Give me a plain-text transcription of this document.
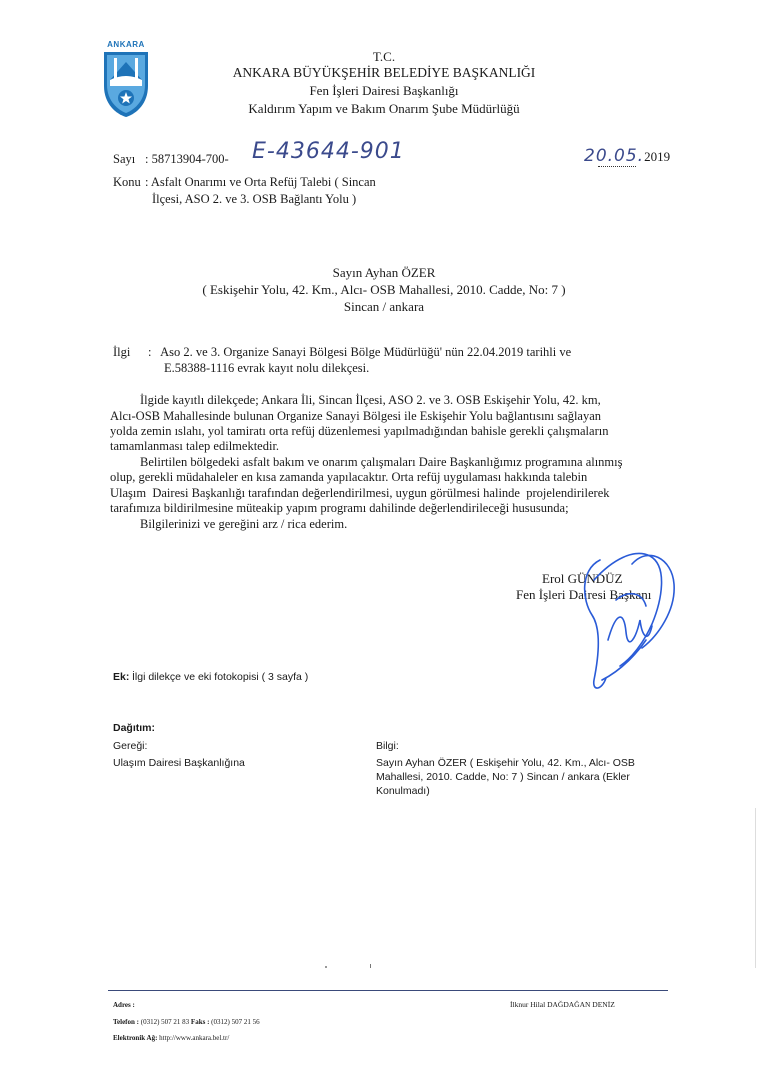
ANKARA
T.C.
ANKARA BÜYÜKŞEHİR BELEDİYE BAŞKANLIĞI
Fen İşleri Dairesi Başkanlığı
Kaldırım Yapım ve Bakım Onarım Şube Müdürlüğü
Sayı : 58713904-700- E-43644-901	20.05.2019
Konu : Asfalt Onarımı ve Orta Refüj Talebi ( Sincan
İlçesi, ASO 2. ve 3. OSB Bağlantı Yolu )
Sayın Ayhan ÖZER
( Eskişehir Yolu, 42. Km., Alcı- OSB Mahallesi, 2010. Cadde, No: 7 )
Sincan / ankara
İlgi :   Aso 2. ve 3. Organize Sanayi Bölgesi Bölge Müdürlüğü' nün 22.04.2019 tarihli ve
E.58388-1116 evrak kayıt nolu dilekçesi.
İlgide kayıtlı dilekçede; Ankara İli, Sincan İlçesi, ASO 2. ve 3. OSB Eskişehir Yolu, 42. km,
Alcı-OSB Mahallesinde bulunan Organize Sanayi Bölgesi ile Eskişehir Yolu bağlantısını sağlayan
yolda zemin ıslahı, yol tamiratı orta refüj düzenlemesi yapılmadığından bahisle gerekli çalışmaların
tamamlanması talep edilmektedir.
Belirtilen bölgedeki asfalt bakım ve onarım çalışmaları Daire Başkanlığımız programına alınmış
olup, gerekli müdahaleler en kısa zamanda yapılacaktır. Orta refüj uygulaması hakkında talebin
Ulaşım  Dairesi Başkanlığı tarafından değerlendirilmesi, uygun görülmesi halinde  projelendirilerek
tarafımıza bildirilmesine müteakip yapım programı dahilinde değerlendirileceği hususunda;
Bilgilerinizi ve gereğini arz / rica ederim.
Erol GÜNDÜZ
Fen İşleri Dairesi Başkanı
Ek: İlgi dilekçe ve eki fotokopisi ( 3 sayfa )
Dağıtım:
Gereği:
Ulaşım Dairesi Başkanlığına
Bilgi:
Sayın Ayhan ÖZER ( Eskişehir Yolu, 42. Km., Alcı- OSB
Mahallesi, 2010. Cadde, No: 7 ) Sincan / ankara (Ekler
Konulmadı)
Adres :	İlknur Hilal DAĞDAĞAN DENİZ
Telefon : (0312) 507 21 83 Faks : (0312) 507 21 56
Elektronik Ağ: http://www.ankara.bel.tr/
